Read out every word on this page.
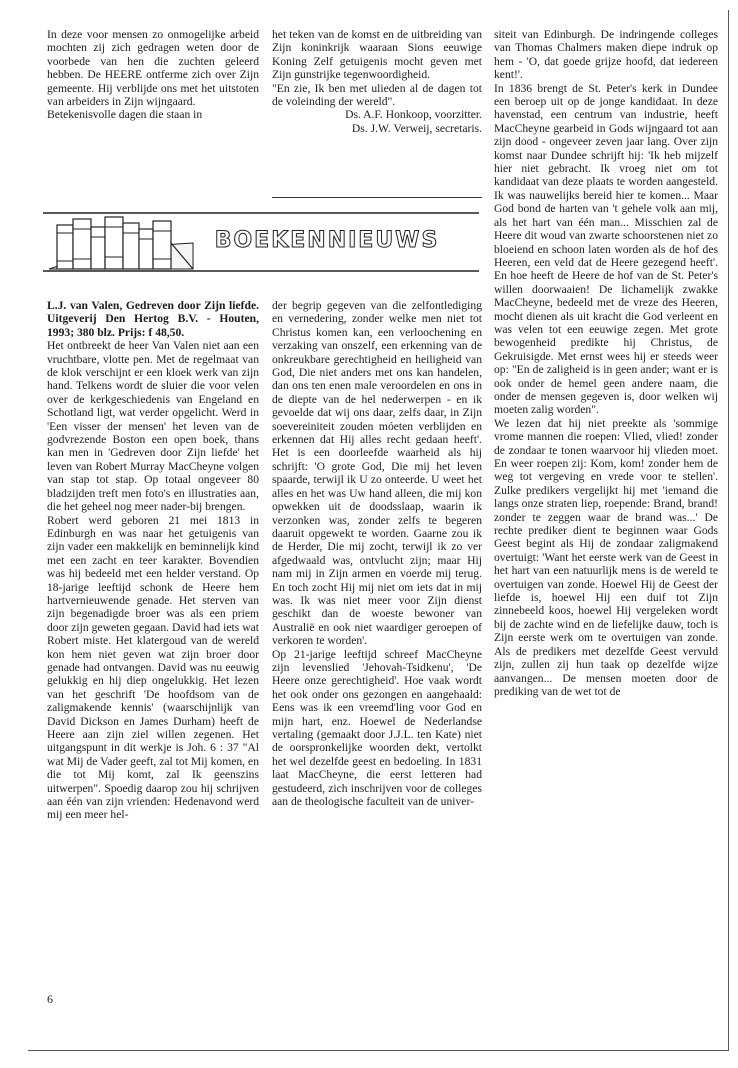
In deze voor mensen zo onmogelijke arbeid mochten zij zich gedragen weten door de voorbede van hen die zuchten geleerd hebben. De HEERE ontferme zich over Zijn gemeente. Hij verblijde ons met het uitstoten van arbeiders in Zijn wijngaard.
Betekenisvolle dagen die staan in

het teken van de komst en de uitbreiding van Zijn koninkrijk waaraan Sions eeuwige Koning Zelf getuigenis mocht geven met Zijn gunstrijke tegenwoordigheid.
"En zie, Ik ben met ulieden al de dagen tot de voleinding der wereld".

Ds. A.F. Honkoop, voorzitter.

Ds. J.W. Verweij, secretaris.

BOEKENNIEUWS

L.J. van Valen, Gedreven door Zijn liefde. Uitgeverij Den Hertog B.V. - Houten, 1993; 380 blz. Prijs: f 48,50.

Het ontbreekt de heer Van Valen niet aan een vruchtbare, vlotte pen. Met de regelmaat van de klok verschijnt er een kloek werk van zijn hand. Telkens wordt de sluier die voor velen over de kerkgeschiedenis van Engeland en Schotland ligt, wat verder opgelicht. Werd in 'Een visser der mensen' het leven van de godvrezende Boston een open boek, thans kan men in 'Gedreven door Zijn liefde' het leven van Robert Murray MacCheyne volgen van stap tot stap. Op totaal ongeveer 80 bladzijden treft men foto's en illustraties aan, die het geheel nog meer nader-bij brengen.
Robert werd geboren 21 mei 1813 in Edinburgh en was naar het getuigenis van zijn vader een makkelijk en beminnelijk kind met een zacht en teer karakter. Bovendien was hij bedeeld met een helder verstand. Op 18-jarige leeftijd schonk de Heere hem hartvernieuwende genade. Het sterven van zijn begenadigde broer was als een priem door zijn geweten gegaan. David had iets wat Robert miste. Het klatergoud van de wereld kon hem niet geven wat zijn broer door genade had ontvangen. David was nu eeuwig gelukkig en hij diep ongelukkig. Het lezen van het geschrift 'De hoofdsom van de zaligmakende kennis' (waarschijnlijk van David Dickson en James Durham) heeft de Heere aan zijn ziel willen zegenen. Het uitgangspunt in dit werkje is Joh. 6 : 37 "Al wat Mij de Vader geeft, zal tot Mij komen, en die tot Mij komt, zal Ik geenszins uitwerpen". Spoedig daarop zou hij schrijven aan één van zijn vrienden: Hedenavond werd mij een meer hel-

der begrip gegeven van die zelfontlediging en vernedering, zonder welke men niet tot Christus komen kan, een verloochening en verzaking van onszelf, een erkenning van de onkreukbare gerechtigheid en heiligheid van God, Die niet anders met ons kan handelen, dan ons ten enen male veroordelen en ons in de diepte van de hel nederwerpen - en ik gevoelde dat wij ons daar, zelfs daar, in Zijn soevereiniteit zouden móeten verblijden en erkennen dat Hij alles recht gedaan heeft'. Het is een doorleefde waarheid als hij schrijft: 'O grote God, Die mij het leven spaarde, terwijl ik U zo onteerde. U weet het alles en het was Uw hand alleen, die mij kon opwekken uit de doodsslaap, waarin ik verzonken was, zonder zelfs te begeren daaruit opgewekt te worden. Gaarne zou ik de Herder, Die mij zocht, terwijl ik zo ver afgedwaald was, ontvlucht zijn; maar Hij nam mij in Zijn armen en voerde mij terug. En toch zocht Hij mij niet om iets dat in mij was. Ik was niet meer voor Zijn dienst geschikt dan de woeste bewoner van Australië en ook niet waardiger geroepen of verkoren te worden'.
Op 21-jarige leeftijd schreef MacCheyne zijn levenslied 'Jehovah-Tsidkenu', 'De Heere onze gerechtigheid'. Hoe vaak wordt het ook onder ons gezongen en aangehaald: Eens was ik een vreemd'ling voor God en mijn hart, enz. Hoewel de Nederlandse vertaling (gemaakt door J.J.L. ten Kate) niet de oorspronkelijke woorden dekt, vertolkt het wel dezelfde geest en bedoeling. In 1831 laat MacCheyne, die eerst letteren had gestudeerd, zich inschrijven voor de colleges aan de theologische faculteit van de univer-

siteit van Edinburgh. De indringende colleges van Thomas Chalmers maken diepe indruk op hem - 'O, dat goede grijze hoofd, dat iedereen kent!'.
In 1836 brengt de St. Peter's kerk in Dundee een beroep uit op de jonge kandidaat. In deze havenstad, een centrum van industrie, heeft MacCheyne gearbeid in Gods wijngaard tot aan zijn dood - ongeveer zeven jaar lang. Over zijn komst naar Dundee schrijft hij: 'Ik heb mijzelf hier niet gebracht. Ik vroeg niet om tot kandidaat van deze plaats te worden aangesteld. Ik was nauwelijks bereid hier te komen... Maar God bond de harten van 't gehele volk aan mij, als het hart van één man... Misschien zal de Heere dit woud van zwarte schoorstenen niet zo bloeiend en schoon laten worden als de hof des Heeren, een veld dat de Heere gezegend heeft'. En hoe heeft de Heere de hof van de St. Peter's willen doorwaaien! De lichamelijk zwakke MacCheyne, bedeeld met de vreze des Heeren, mocht dienen als uit kracht die God verleent en was velen tot een eeuwige zegen. Met grote bewogenheid predikte hij Christus, de Gekruisigde. Met ernst wees hij er steeds weer op: "En de zaligheid is in geen ander; want er is ook onder de hemel geen andere naam, die onder de mensen gegeven is, door welken wij moeten zalig worden".
We lezen dat hij niet preekte als 'sommige vrome mannen die roepen: Vlied, vlied! zonder de zondaar te tonen waarvoor hij vlieden moet. En weer roepen zij: Kom, kom! zonder hem de weg tot vergeving en vrede voor te stellen'. Zulke predikers vergelijkt hij met 'iemand die langs onze straten liep, roepende: Brand, brand! zonder te zeggen waar de brand was...' De rechte prediker dient te beginnen waar Gods Geest begint als Hij de zondaar zaligmakend overtuigt: 'Want het eerste werk van de Geest in het hart van een natuurlijk mens is de wereld te overtuigen van zonde. Hoewel Hij de Geest der liefde is, hoewel Hij een duif tot Zijn zinnebeeld koos, hoewel Hij vergeleken wordt bij de zachte wind en de liefelijke dauw, toch is Zijn eerste werk om te overtuigen van zonde. Als de predikers met dezelfde Geest vervuld zijn, zullen zij hun taak op dezelfde wijze aanvangen... De mensen moeten door de prediking van de wet tot de

6
